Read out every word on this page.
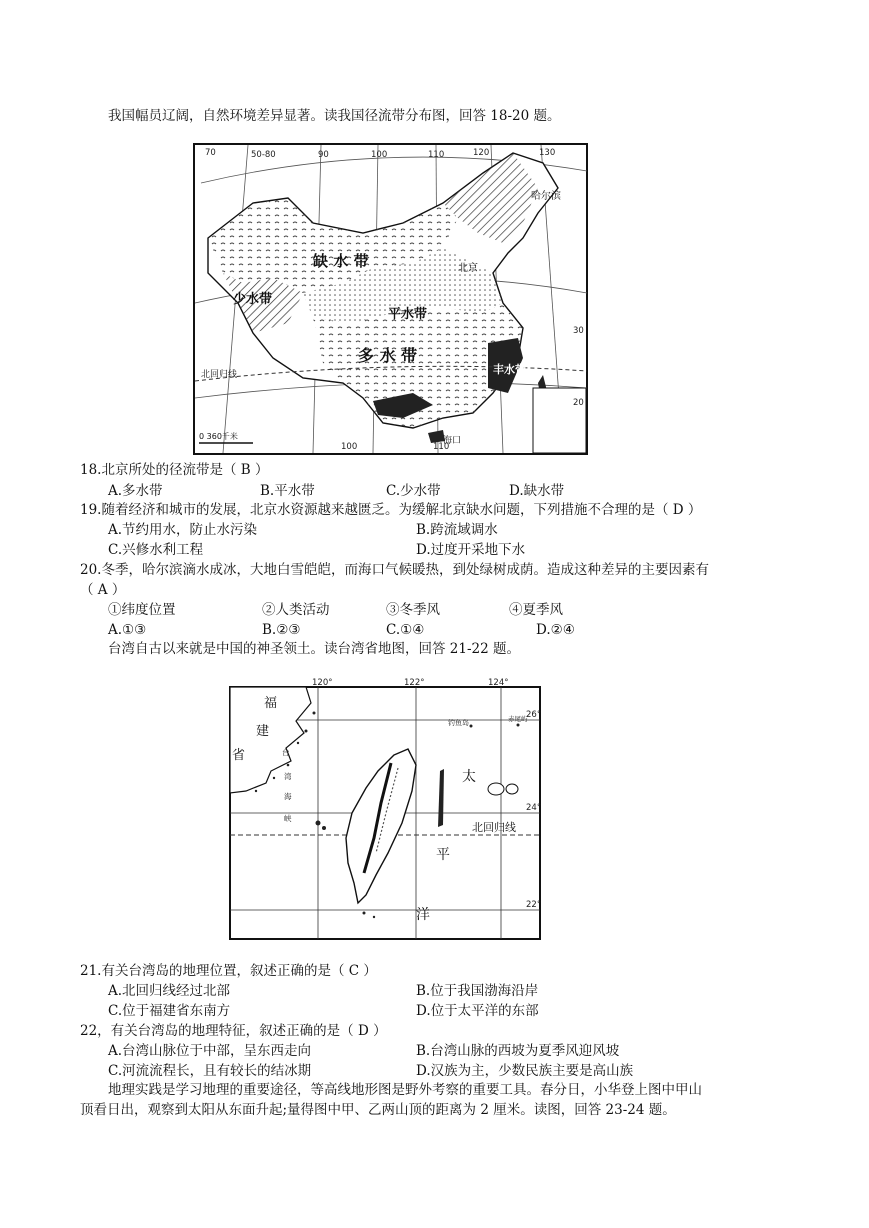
我国幅员辽阔，自然环境差异显著。读我国径流带分布图，回答 18-20 题。
70	50-80	90	100	110	120	130
30
20
100	110
缺 水 带
少水带
平水带
多 水 带
丰水带
北京
哈尔滨
北回归线
0 360千米	海口
18.北京所处的径流带是（ B ）
A.多水带	B.平水带	C.少水带	D.缺水带
19.随着经济和城市的发展，北京水资源越来越匮乏。为缓解北京缺水问题，下列措施不合理的是（ D ）
A.节约用水，防止水污染	B.跨流域调水
C.兴修水利工程	D.过度开采地下水
20.冬季，哈尔滨滴水成冰，大地白雪皑皑，而海口气候暖热，到处绿树成荫。造成这种差异的主要因素有
（ A ）
①纬度位置	②人类活动	③冬季风	④夏季风
A.①③	B.②③	C.①④	D.②④
台湾自古以来就是中国的神圣领土。读台湾省地图，回答 21-22 题。
120°	122°	124°
26°
24°
22°
钓鱼岛	赤尾屿
福
建
省
太
平
洋
北回归线
台
湾
海
峡
21.有关台湾岛的地理位置，叙述正确的是（ C ）
A.北回归线经过北部	B.位于我国渤海沿岸
C.位于福建省东南方	D.位于太平洋的东部
22，有关台湾岛的地理特征，叙述正确的是（ D ）
A.台湾山脉位于中部，呈东西走向	B.台湾山脉的西坡为夏季风迎风坡
C.河流流程长，且有较长的结冰期	D.汉族为主，少数民族主要是高山族
地理实践是学习地理的重要途径，等高线地形图是野外考察的重要工具。春分日，小华登上图中甲山
顶看日出，观察到太阳从东面升起;量得图中甲、乙两山顶的距离为 2 厘米。读图，回答 23-24 题。
